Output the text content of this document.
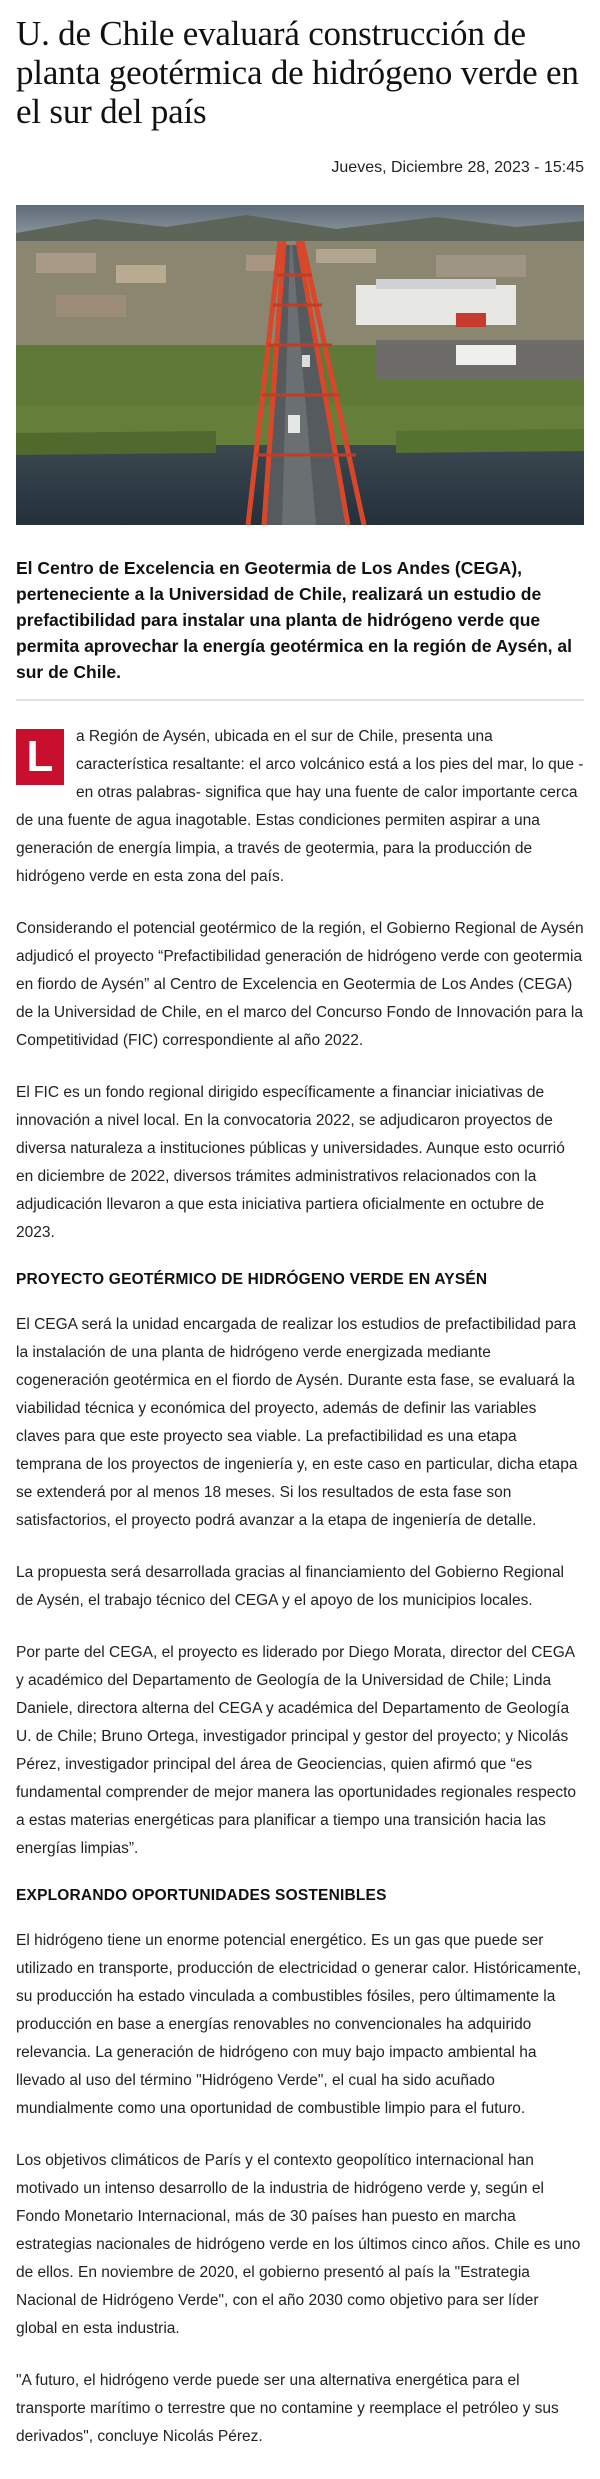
U. de Chile evaluará construcción de planta geotérmica de hidrógeno verde en el sur del país
Jueves, Diciembre 28, 2023 - 15:45

El Centro de Excelencia en Geotermia de Los Andes (CEGA), perteneciente a la Universidad de Chile, realizará un estudio de prefactibilidad para instalar una planta de hidrógeno verde que permita aprovechar la energía geotérmica en la región de Aysén, al sur de Chile.

L	a Región de Aysén, ubicada en el sur de Chile, presenta una característica resaltante: el arco volcánico está a los pies del mar, lo que -en otras palabras- significa que hay una fuente de calor importante cerca de una fuente de agua inagotable. Estas condiciones permiten aspirar a una generación de energía limpia, a través de geotermia, para la producción de hidrógeno verde en esta zona del país.

Considerando el potencial geotérmico de la región, el Gobierno Regional de Aysén adjudicó el proyecto “Prefactibilidad generación de hidrógeno verde con geotermia en fiordo de Aysén” al Centro de Excelencia en Geotermia de Los Andes (CEGA) de la Universidad de Chile, en el marco del Concurso Fondo de Innovación para la Competitividad (FIC) correspondiente al año 2022.

El FIC es un fondo regional dirigido específicamente a financiar iniciativas de innovación a nivel local. En la convocatoria 2022, se adjudicaron proyectos de diversa naturaleza a instituciones públicas y universidades. Aunque esto ocurrió en diciembre de 2022, diversos trámites administrativos relacionados con la adjudicación llevaron a que esta iniciativa partiera oficialmente en octubre de 2023.

PROYECTO GEOTÉRMICO DE HIDRÓGENO VERDE EN AYSÉN

El CEGA será la unidad encargada de realizar los estudios de prefactibilidad para la instalación de una planta de hidrógeno verde energizada mediante cogeneración geotérmica en el fiordo de Aysén. Durante esta fase, se evaluará la viabilidad técnica y económica del proyecto, además de definir las variables claves para que este proyecto sea viable. La prefactibilidad es una etapa temprana de los proyectos de ingeniería y, en este caso en particular, dicha etapa se extenderá por al menos 18 meses. Si los resultados de esta fase son satisfactorios, el proyecto podrá avanzar a la etapa de ingeniería de detalle.

La propuesta será desarrollada gracias al financiamiento del Gobierno Regional de Aysén, el trabajo técnico del CEGA y el apoyo de los municipios locales.

Por parte del CEGA, el proyecto es liderado por Diego Morata, director del CEGA y académico del Departamento de Geología de la Universidad de Chile; Linda Daniele, directora alterna del CEGA y académica del Departamento de Geología U. de Chile; Bruno Ortega, investigador principal y gestor del proyecto; y Nicolás Pérez, investigador principal del área de Geociencias, quien afirmó que “es fundamental comprender de mejor manera las oportunidades regionales respecto a estas materias energéticas para planificar a tiempo una transición hacia las energías limpias”.

EXPLORANDO OPORTUNIDADES SOSTENIBLES

El hidrógeno tiene un enorme potencial energético. Es un gas que puede ser utilizado en transporte, producción de electricidad o generar calor. Históricamente, su producción ha estado vinculada a combustibles fósiles, pero últimamente la producción en base a energías renovables no convencionales ha adquirido relevancia. La generación de hidrógeno con muy bajo impacto ambiental ha llevado al uso del término "Hidrógeno Verde", el cual ha sido acuñado mundialmente como una oportunidad de combustible limpio para el futuro.

Los objetivos climáticos de París y el contexto geopolítico internacional han motivado un intenso desarrollo de la industria de hidrógeno verde y, según el Fondo Monetario Internacional, más de 30 países han puesto en marcha estrategias nacionales de hidrógeno verde en los últimos cinco años. Chile es uno de ellos. En noviembre de 2020, el gobierno presentó al país la "Estrategia Nacional de Hidrógeno Verde", con el año 2030 como objetivo para ser líder global en esta industria.

"A futuro, el hidrógeno verde puede ser una alternativa energética para el transporte marítimo o terrestre que no contamine y reemplace el petróleo y sus derivados", concluye Nicolás Pérez.
